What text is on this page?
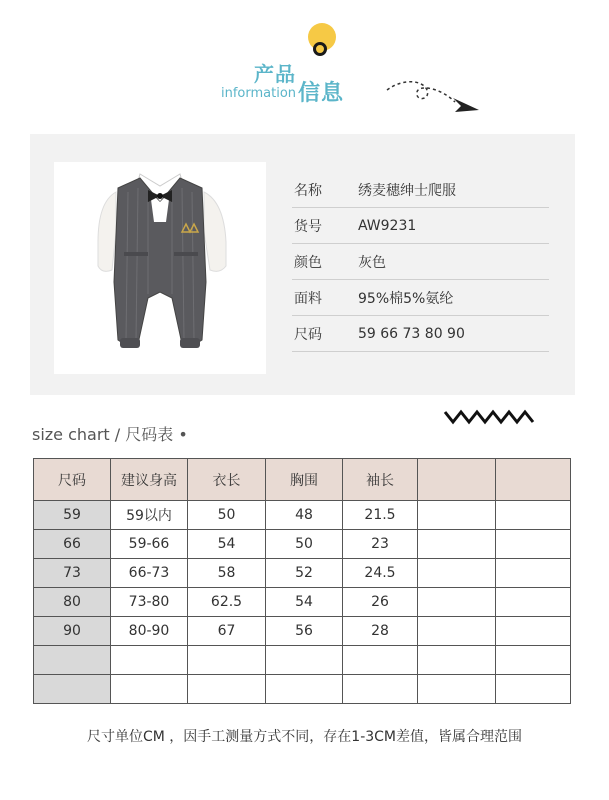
产品
information 信息
名称	绣麦穗绅士爬服
货号	AW9231
颜色	灰色
面料	95%棉5%氨纶
尺码	59 66 73 80 90
size chart / 尺码表 •
尺码	建议身高	衣长	胸围	袖长		
59	59以内	50	48	21.5		
66	59-66	54	50	23		
73	66-73	58	52	24.5		
80	73-80	62.5	54	26		
90	80-90	67	56	28		

尺寸单位CM ，因手工测量方式不同，存在1-3CM差值，皆属合理范围
